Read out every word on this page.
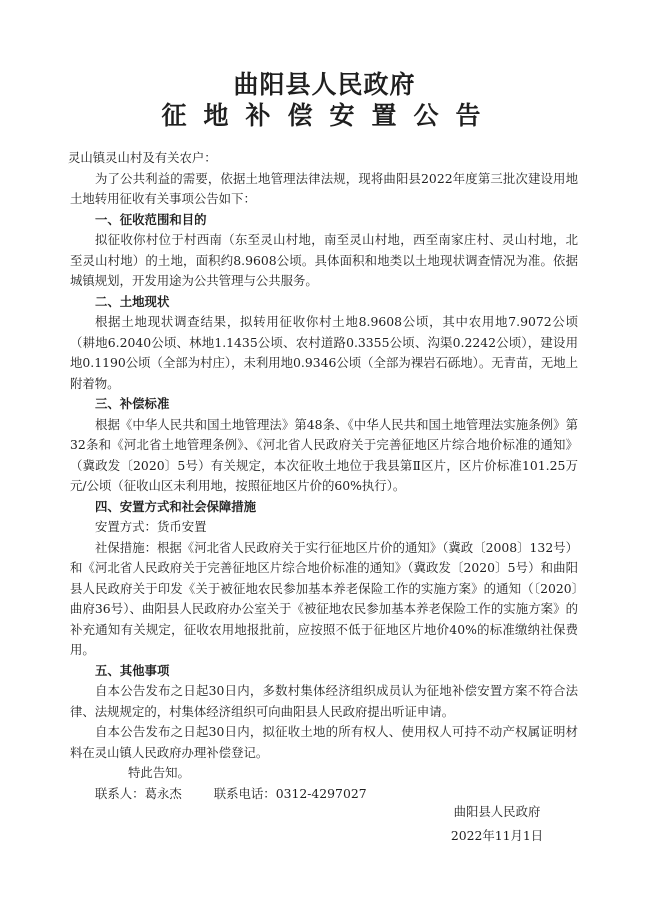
曲阳县人民政府
征地补偿安置公告

灵山镇灵山村及有关农户：

为了公共利益的需要，依据土地管理法律法规，现将曲阳县2022年度第三批次建设用地土地转用征收有关事项公告如下：

一、征收范围和目的

拟征收你村位于村西南（东至灵山村地，南至灵山村地，西至南家庄村、灵山村地，北至灵山村地）的土地，面积约8.9608公顷。具体面积和地类以土地现状调查情况为准。依据城镇规划，开发用途为公共管理与公共服务。

二、土地现状

根据土地现状调查结果，拟转用征收你村土地8.9608公顷，其中农用地7.9072公顷（耕地6.2040公顷、林地1.1435公顷、农村道路0.3355公顷、沟渠0.2242公顷），建设用地0.1190公顷（全部为村庄），未利用地0.9346公顷（全部为裸岩石砾地）。无青苗，无地上附着物。

三、补偿标准

根据《中华人民共和国土地管理法》第48条、《中华人民共和国土地管理法实施条例》第32条和《河北省土地管理条例》、《河北省人民政府关于完善征地区片综合地价标准的通知》（冀政发〔2020〕5号）有关规定，本次征收土地位于我县第Ⅱ区片，区片价标准101.25万元/公顷（征收山区未利用地，按照征地区片价的60%执行）。

四、安置方式和社会保障措施

安置方式：货币安置

社保措施：根据《河北省人民政府关于实行征地区片价的通知》（冀政〔2008〕132号）和《河北省人民政府关于完善征地区片综合地价标准的通知》（冀政发〔2020〕5号）和曲阳县人民政府关于印发《关于被征地农民参加基本养老保险工作的实施方案》的通知（〔2020〕曲府36号）、曲阳县人民政府办公室关于《被征地农民参加基本养老保险工作的实施方案》的补充通知有关规定，征收农用地报批前，应按照不低于征地区片地价40%的标准缴纳社保费用。

五、其他事项

自本公告发布之日起30日内，多数村集体经济组织成员认为征地补偿安置方案不符合法律、法规规定的，村集体经济组织可向曲阳县人民政府提出听证申请。

自本公告发布之日起30日内，拟征收土地的所有权人、使用权人可持不动产权属证明材料在灵山镇人民政府办理补偿登记。

特此告知。

联系人：葛永杰	联系电话：0312-4297027

曲阳县人民政府
2022年11月1日
